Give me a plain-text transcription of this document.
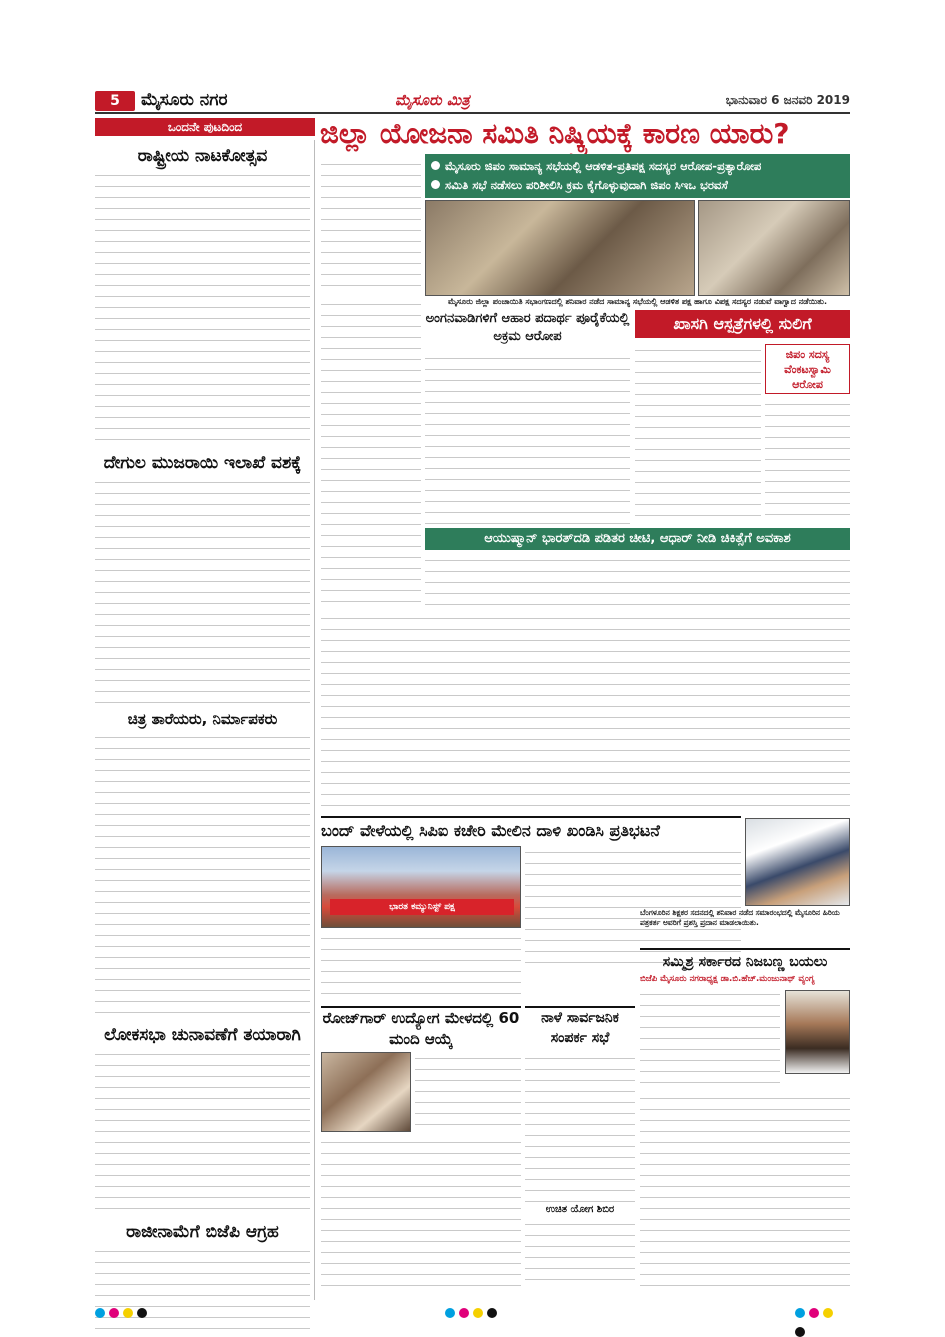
5	ಮೈಸೂರು ನಗರ	ಮೈಸೂರು ಮಿತ್ರ	ಭಾನುವಾರ 6 ಜನವರಿ 2019
ಒಂದನೇ ಪುಟದಿಂದ	ಜಿಲ್ಲಾ ಯೋಜನಾ ಸಮಿತಿ ನಿಷ್ಕ್ರಿಯಕ್ಕೆ ಕಾರಣ ಯಾರು?
ರಾಷ್ಟ್ರೀಯ ನಾಟಕೋತ್ಸವ
ದೇಗುಲ ಮುಜರಾಯಿ ಇಲಾಖೆ ವಶಕ್ಕೆ
ಚಿತ್ರ ತಾರೆಯರು, ನಿರ್ಮಾಪಕರು
ಲೋಕಸಭಾ ಚುನಾವಣೆಗೆ ತಯಾರಾಗಿ
ರಾಜೀನಾಮೆಗೆ ಬಿಜೆಪಿ ಆಗ್ರಹ
ಮೈಸೂರು ಜಿಪಂ ಸಾಮಾನ್ಯ ಸಭೆಯಲ್ಲಿ ಆಡಳಿತ-ಪ್ರತಿಪಕ್ಷ ಸದಸ್ಯರ ಆರೋಪ-ಪ್ರತ್ಯಾರೋಪ
ಸಮಿತಿ ಸಭೆ ನಡೆಸಲು ಪರಿಶೀಲಿಸಿ ಕ್ರಮ ಕೈಗೊಳ್ಳುವುದಾಗಿ ಜಿಪಂ ಸಿಇಒ ಭರವಸೆ
ಮೈಸೂರು ಜಿಲ್ಲಾ ಪಂಚಾಯಿತಿ ಸಭಾಂಗಣದಲ್ಲಿ ಶನಿವಾರ ನಡೆದ ಸಾಮಾನ್ಯ ಸಭೆಯಲ್ಲಿ ಆಡಳಿತ ಪಕ್ಷ ಹಾಗೂ ವಿಪಕ್ಷ ಸದಸ್ಯರ ನಡುವೆ ವಾಗ್ವಾದ ನಡೆಯಿತು.
ಅಂಗನವಾಡಿಗಳಿಗೆ ಆಹಾರ ಪದಾರ್ಥ ಪೂರೈಕೆಯಲ್ಲಿ ಅಕ್ರಮ ಆರೋಪ
ಖಾಸಗಿ ಆಸ್ಪತ್ರೆಗಳಲ್ಲಿ ಸುಲಿಗೆ
ಜಿಪಂ ಸದಸ್ಯ ವೆಂಕಟಸ್ವಾಮಿ ಆರೋಪ
ಆಯುಷ್ಮಾನ್ ಭಾರತ್‌ದಡಿ ಪಡಿತರ ಚೀಟಿ, ಆಧಾರ್ ನೀಡಿ ಚಿಕಿತ್ಸೆಗೆ ಅವಕಾಶ
ಬಂದ್‌ ವೇಳೆಯಲ್ಲಿ ಸಿಪಿಐ ಕಚೇರಿ ಮೇಲಿನ ದಾಳಿ ಖಂಡಿಸಿ ಪ್ರತಿಭಟನೆ
ಭಾರತ ಕಮ್ಯುನಿಸ್ಟ್ ಪಕ್ಷ
ಬೆಂಗಳೂರಿನ ಶಿಕ್ಷಕರ ಸದನದಲ್ಲಿ ಶನಿವಾರ ನಡೆದ ಸಮಾರಂಭದಲ್ಲಿ ಮೈಸೂರಿನ ಹಿರಿಯ ಪತ್ರಕರ್ತ ಅವರಿಗೆ ಪ್ರಶಸ್ತಿ ಪ್ರದಾನ ಮಾಡಲಾಯಿತು.
ರೋಜ್‌ಗಾರ್ ಉದ್ಯೋಗ ಮೇಳದಲ್ಲಿ 60 ಮಂದಿ ಆಯ್ಕೆ
ನಾಳೆ ಸಾರ್ವಜನಿಕ ಸಂಪರ್ಕ ಸಭೆ
ಉಚಿತ ಯೋಗ ಶಿಬಿರ
ಸಮ್ಮಿಶ್ರ ಸರ್ಕಾರದ ನಿಜಬಣ್ಣ ಬಯಲು
ಬಿಜೆಪಿ ಮೈಸೂರು ನಗರಾಧ್ಯಕ್ಷ ಡಾ.ಬಿ.ಹೆಚ್.ಮಂಜುನಾಥ್ ವ್ಯಂಗ್ಯ
